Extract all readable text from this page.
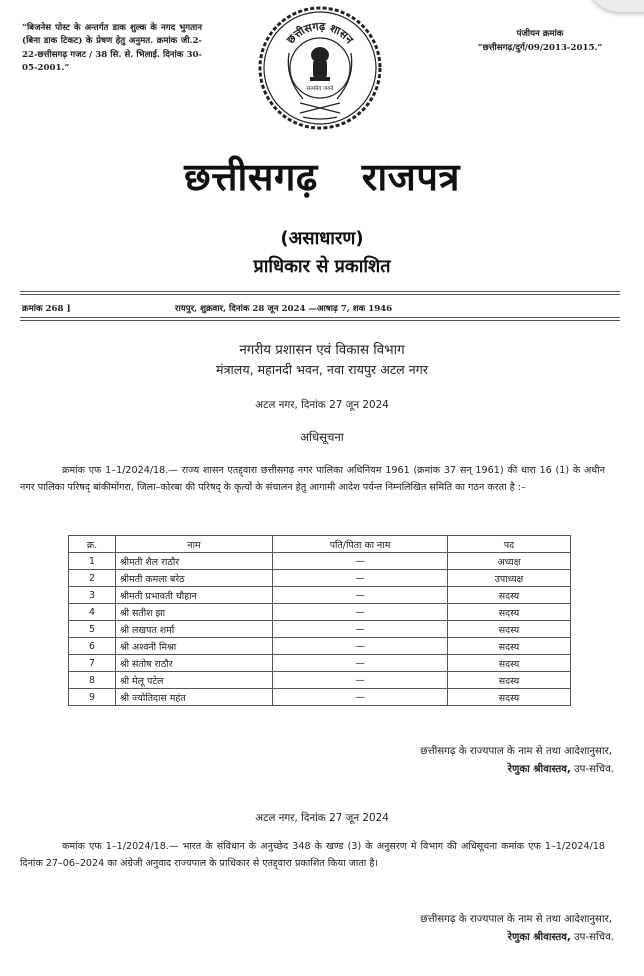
“बिजनेस पोस्ट के अन्तर्गत डाक शुल्क के नगद भुगतान (बिना डाक टिकट) के प्रेषण हेतु अनुमत. क्रमांक जी.2-22-छत्तीसगढ़ गजट / 38 सि. से. भिलाई. दिनांक 30-05-2001.”
पंजीयन क्रमांक
“छत्तीसगढ़/दुर्ग/09/2013-2015.”
छत्तीसगढ़ शासन
सत्यमेव जयते
छत्तीसगढ़ राजपत्र
(असाधारण)
प्राधिकार से प्रकाशित
क्रमांक 268 ]	रायपुर, शुक्रवार, दिनांक 28 जून 2024 —आषाढ़ 7, शक 1946
नगरीय प्रशासन एवं विकास विभाग
मंत्रालय, महानदी भवन, नवा रायपुर अटल नगर
अटल नगर, दिनांक 27 जून 2024
अधिसूचना
क्रमांक एफ 1–1/2024/18.— राज्य शासन एतद्द्वारा छत्तीसगढ़ नगर पालिका अधिनियम 1961 (क्रमांक 37 सन् 1961) की धारा 16 (1) के अधीन नगर पालिका परिषद् बांकीमोंगरा, जिला–कोरबा की परिषद् के कृत्यों के संचालन हेतु आगामी आदेश पर्यन्त निम्नलिखित समिति का गठन करता है :–
क्र.	नाम	पति/पिता का नाम	पद
1	श्रीमती शैल राठौर	—	अध्यक्ष
2	श्रीमती कमला बरेठ	—	उपाध्यक्ष
3	श्रीमती प्रभावती चौहान	—	सदस्य
4	श्री सतीश झा	—	सदस्य
5	श्री लखपत शर्मा	—	सदस्य
6	श्री अश्वनी मिश्रा	—	सदस्य
7	श्री संतोष राठौर	—	सदस्य
8	श्री मेलू पटेल	—	सदस्य
9	श्री ज्योतिदास महंत	—	सदस्य
छत्तीसगढ़ के राज्यपाल के नाम से तथा आदेशानुसार,
रेणुका श्रीवास्तव, उप-सचिव.
अटल नगर, दिनांक 27 जून 2024
कमांक एफ 1–1/2024/18.— भारत के संविधान के अनुच्छेद 348 के खण्ड (3) के अनुसरण मे विभाग की अधिसूचना कमांक एफ 1–1/2024/18 दिनांक 27–06–2024 का अंग्रेजी अनुवाद राज्यपाल के प्राधिकार से एतद्द्वारा प्रकाशित किया जाता है।
छत्तीसगढ़ के राज्यपाल के नाम से तथा आदेशानुसार,
रेणुका श्रीवास्तव, उप-सचिव.
